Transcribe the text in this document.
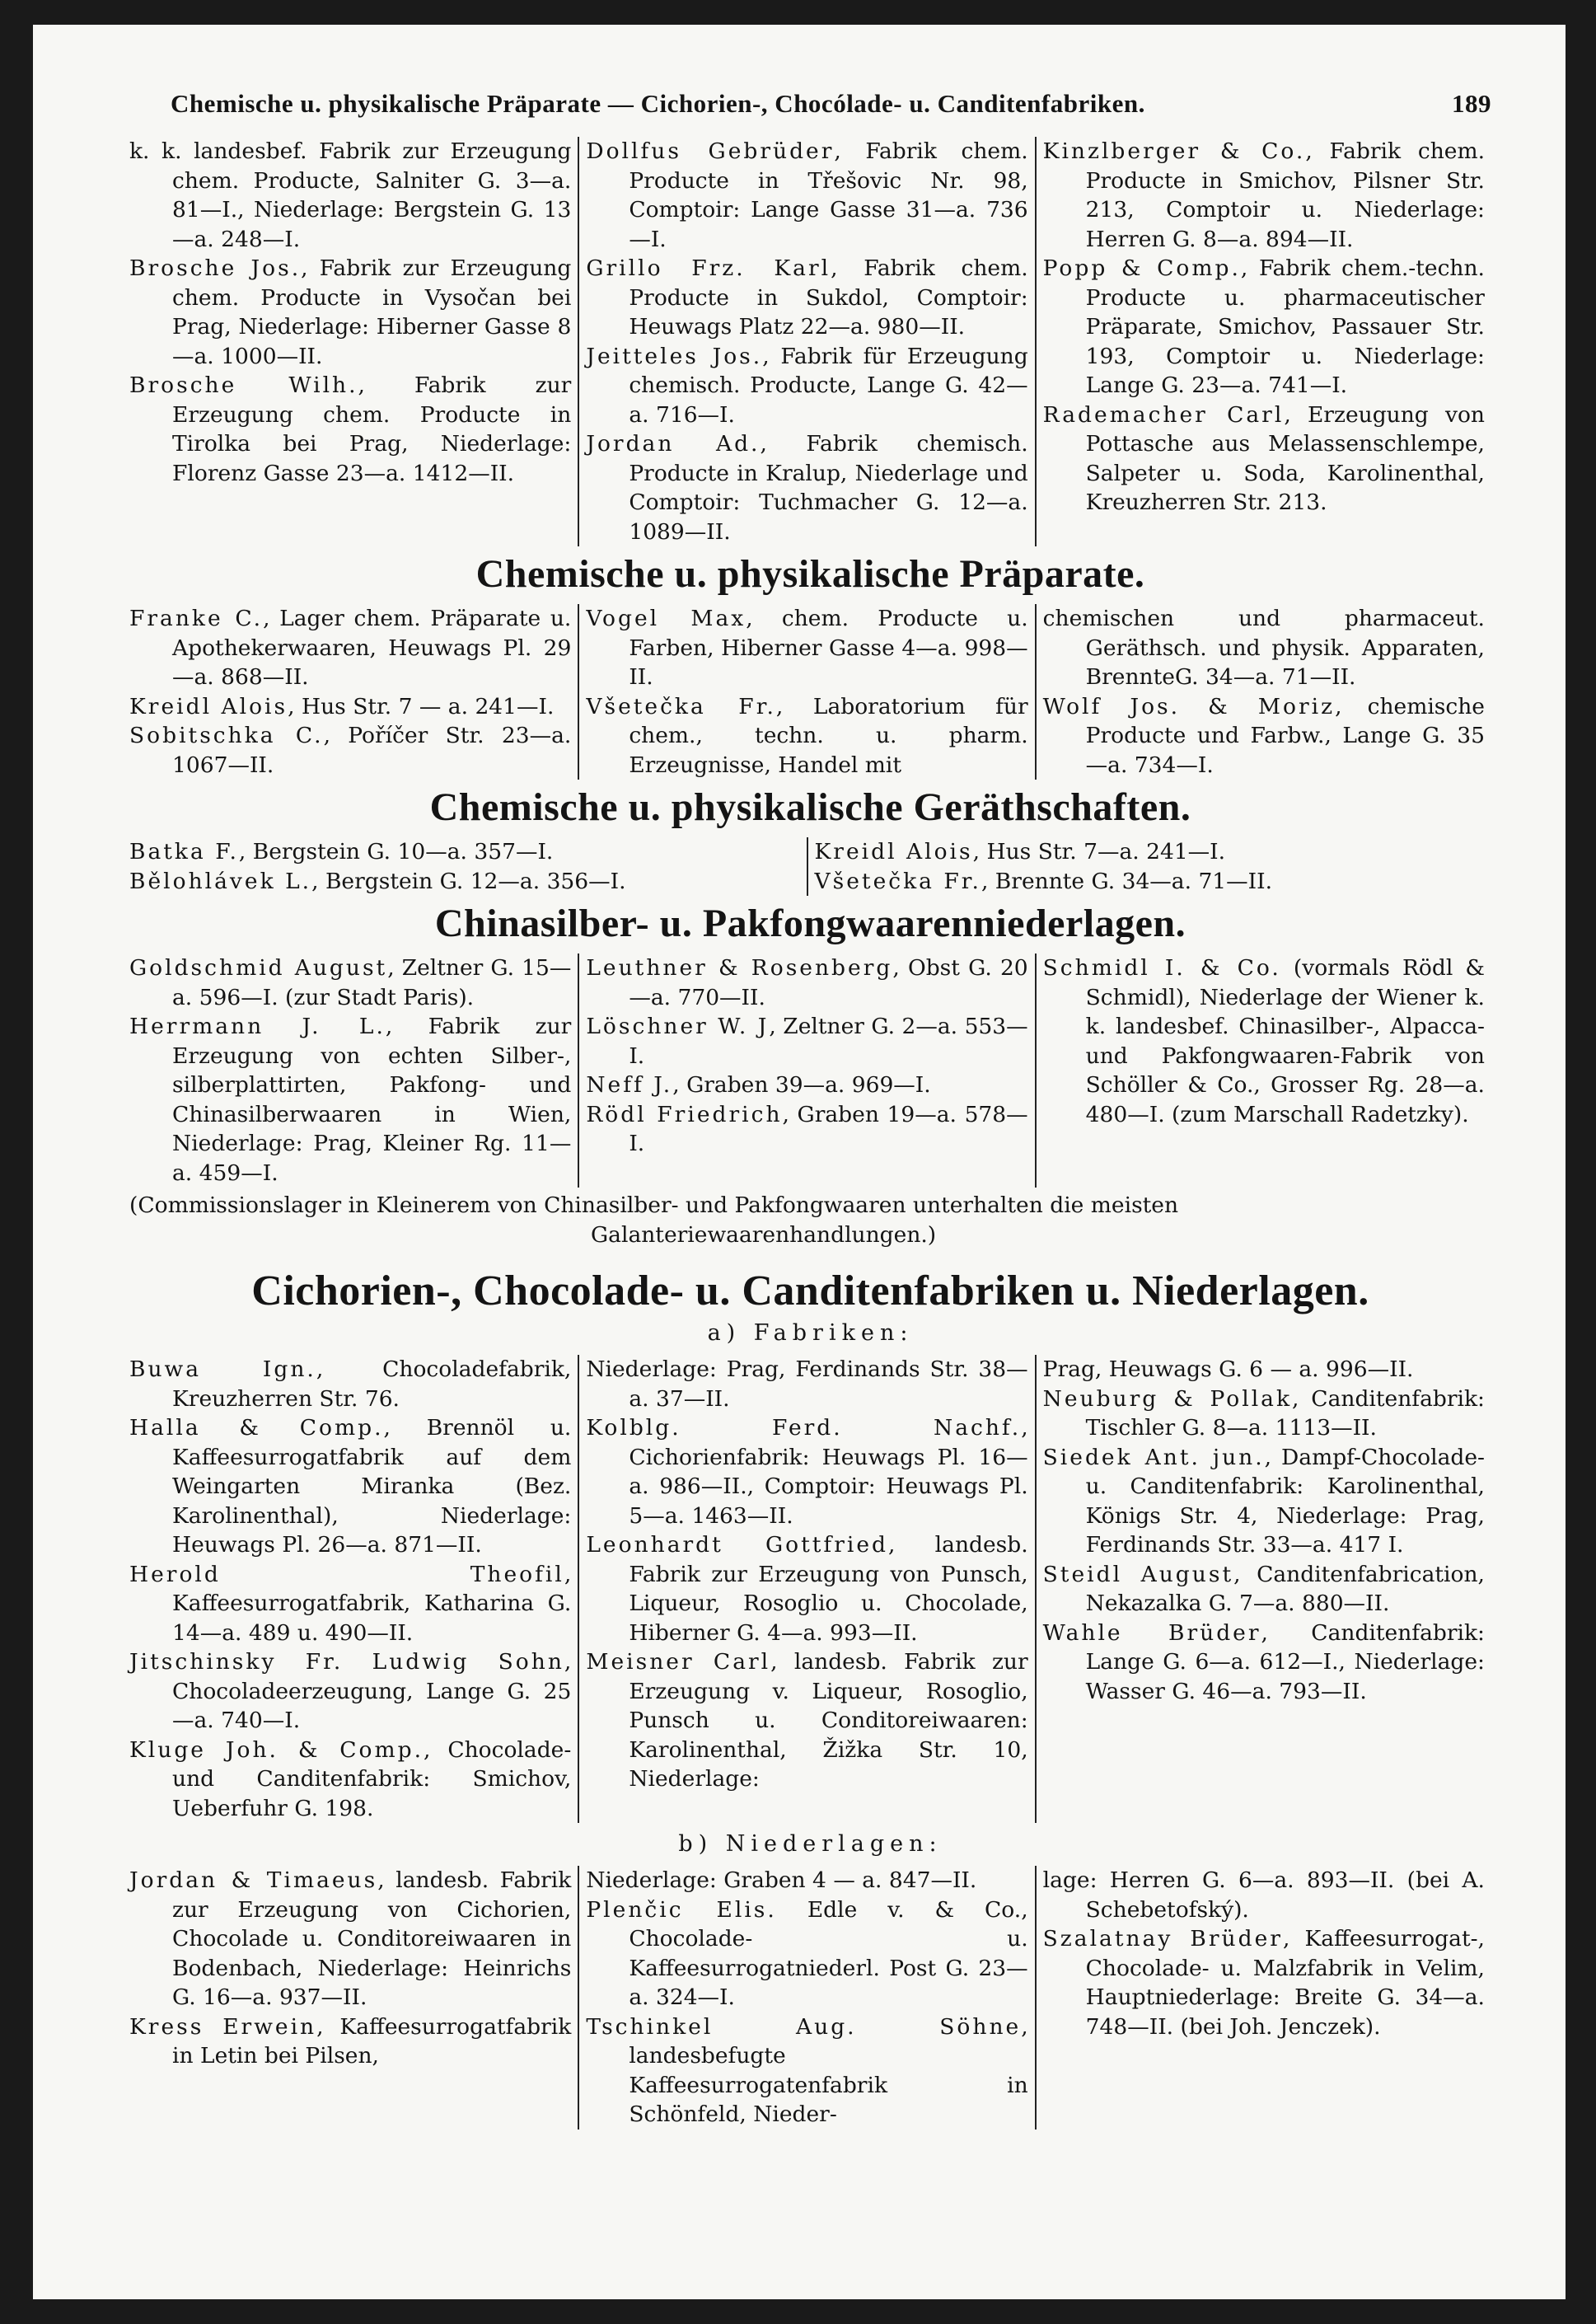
Chemische u. physikalische Präparate — Cichorien-, Chocólade- u. Canditenfabriken.	189
k. k. landesbef. Fabrik zur Erzeugung chem. Producte, Salniter G. 3—a. 81—I., Niederlage: Bergstein G. 13—a. 248—I.
Brosche Jos., Fabrik zur Erzeugung chem. Producte in Vysočan bei Prag, Niederlage: Hiberner Gasse 8—a. 1000—II.
Brosche Wilh., Fabrik zur Erzeugung chem. Producte in Tirolka bei Prag, Niederlage: Florenz Gasse 23—a. 1412—II.
Dollfus Gebrüder, Fabrik chem. Producte in Třešovic Nr. 98, Comptoir: Lange Gasse 31—a. 736—I.
Grillo Frz. Karl, Fabrik chem. Producte in Sukdol, Comptoir: Heuwags Platz 22—a. 980—II.
Jeitteles Jos., Fabrik für Erzeugung chemisch. Producte, Lange G. 42—a. 716—I.
Jordan Ad., Fabrik chemisch. Producte in Kralup, Niederlage und Comptoir: Tuchmacher G. 12—a. 1089—II.
Kinzlberger & Co., Fabrik chem. Producte in Smichov, Pilsner Str. 213, Comptoir u. Niederlage: Herren G. 8—a. 894—II.
Popp & Comp., Fabrik chem.-techn. Producte u. pharmaceutischer Präparate, Smichov, Passauer Str. 193, Comptoir u. Niederlage: Lange G. 23—a. 741—I.
Rademacher Carl, Erzeugung von Pottasche aus Melassenschlempe, Salpeter u. Soda, Karolinenthal, Kreuzherren Str. 213.
Chemische u. physikalische Präparate.
Franke C., Lager chem. Präparate u. Apothekerwaaren, Heuwags Pl. 29—a. 868—II.
Kreidl Alois, Hus Str. 7 — a. 241—I.
Sobitschka C., Poříčer Str. 23—a. 1067—II.
Vogel Max, chem. Producte u. Farben, Hiberner Gasse 4—a. 998—II.
Všetečka Fr., Laboratorium für chem., techn. u. pharm. Erzeugnisse, Handel mit
chemischen und pharmaceut. Geräthsch. und physik. Apparaten, BrennteG. 34—a. 71—II.
Wolf Jos. & Moriz, chemische Producte und Farbw., Lange G. 35—a. 734—I.
Chemische u. physikalische Geräthschaften.
Batka F., Bergstein G. 10—a. 357—I.
Bělohlávek L., Bergstein G. 12—a. 356—I.
Kreidl Alois, Hus Str. 7—a. 241—I.
Všetečka Fr., Brennte G. 34—a. 71—II.
Chinasilber- u. Pakfongwaarenniederlagen.
Goldschmid August, Zeltner G. 15—a. 596—I. (zur Stadt Paris).
Herrmann J. L., Fabrik zur Erzeugung von echten Silber-, silberplattirten, Pakfong- und Chinasilberwaaren in Wien, Niederlage: Prag, Kleiner Rg. 11—a. 459—I.
Leuthner & Rosenberg, Obst G. 20—a. 770—II.
Löschner W. J, Zeltner G. 2—a. 553—I.
Neff J., Graben 39—a. 969—I.
Rödl Friedrich, Graben 19—a. 578—I.
Schmidl I. & Co. (vormals Rödl & Schmidl), Niederlage der Wiener k. k. landesbef. Chinasilber-, Alpacca- und Pakfongwaaren-Fabrik von Schöller & Co., Grosser Rg. 28—a. 480—I. (zum Marschall Radetzky).
(Commissionslager in Kleinerem von Chinasilber- und Pakfongwaaren unterhalten die meisten
Galanteriewaarenhandlungen.)
Cichorien-, Chocolade- u. Canditenfabriken u. Niederlagen.
a) Fabriken:
Buwa Ign., Chocoladefabrik, Kreuzherren Str. 76.
Halla & Comp., Brennöl u. Kaffeesurrogatfabrik auf dem Weingarten Miranka (Bez. Karolinenthal), Niederlage: Heuwags Pl. 26—a. 871—II.
Herold Theofil, Kaffeesurrogatfabrik, Katharina G. 14—a. 489 u. 490—II.
Jitschinsky Fr. Ludwig Sohn, Chocoladeerzeugung, Lange G. 25—a. 740—I.
Kluge Joh. & Comp., Chocolade- und Canditenfabrik: Smichov, Ueberfuhr G. 198.
Niederlage: Prag, Ferdinands Str. 38—a. 37—II.
Kolblg. Ferd. Nachf., Cichorienfabrik: Heuwags Pl. 16—a. 986—II., Comptoir: Heuwags Pl. 5—a. 1463—II.
Leonhardt Gottfried, landesb. Fabrik zur Erzeugung von Punsch, Liqueur, Rosoglio u. Chocolade, Hiberner G. 4—a. 993—II.
Meisner Carl, landesb. Fabrik zur Erzeugung v. Liqueur, Rosoglio, Punsch u. Conditoreiwaaren: Karolinenthal, Žižka Str. 10, Niederlage:
Prag, Heuwags G. 6 — a. 996—II.
Neuburg & Pollak, Canditenfabrik: Tischler G. 8—a. 1113—II.
Siedek Ant. jun., Dampf-Chocolade- u. Canditenfabrik: Karolinenthal, Königs Str. 4, Niederlage: Prag, Ferdinands Str. 33—a. 417 I.
Steidl August, Canditenfabrication, Nekazalka G. 7—a. 880—II.
Wahle Brüder, Canditenfabrik: Lange G. 6—a. 612—I., Niederlage: Wasser G. 46—a. 793—II.
b) Niederlagen:
Jordan & Timaeus, landesb. Fabrik zur Erzeugung von Cichorien, Chocolade u. Conditoreiwaaren in Bodenbach, Niederlage: Heinrichs G. 16—a. 937—II.
Kress Erwein, Kaffeesurrogatfabrik in Letin bei Pilsen,
Niederlage: Graben 4 — a. 847—II.
Plenčic Elis. Edle v. & Co., Chocolade- u. Kaffeesurrogatniederl. Post G. 23—a. 324—I.
Tschinkel Aug. Söhne, landesbefugte Kaffeesurrogatenfabrik in Schönfeld, Nieder-
lage: Herren G. 6—a. 893—II. (bei A. Schebetofský).
Szalatnay Brüder, Kaffeesurrogat-, Chocolade- u. Malzfabrik in Velim, Hauptniederlage: Breite G. 34—a. 748—II. (bei Joh. Jenczek).
